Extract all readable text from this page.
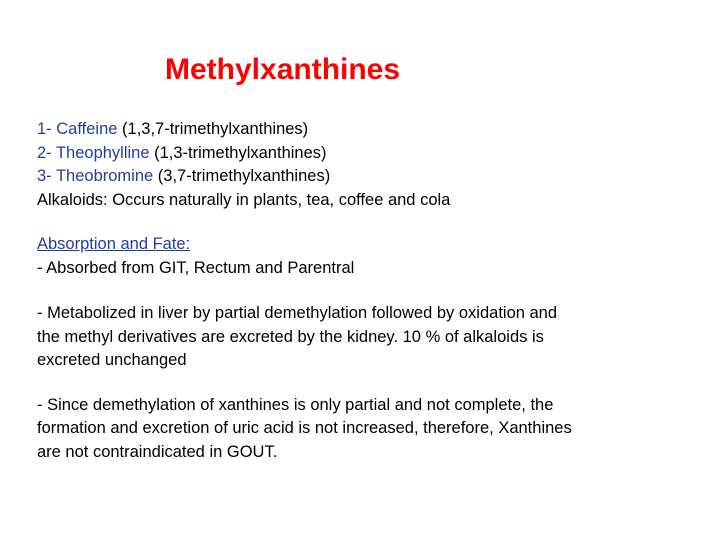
Methylxanthines
1- Caffeine (1,3,7-trimethylxanthines)
2- Theophylline (1,3-trimethylxanthines)
3- Theobromine (3,7-trimethylxanthines)
Alkaloids: Occurs naturally in plants, tea, coffee and cola
Absorption and Fate:
- Absorbed from GIT, Rectum and Parentral
- Metabolized in liver by partial demethylation followed by oxidation and
the methyl derivatives are excreted by the kidney. 10 % of alkaloids is
excreted unchanged
- Since demethylation of xanthines is only partial and not complete, the
formation and excretion of uric acid is not increased, therefore, Xanthines
are not contraindicated in GOUT.
